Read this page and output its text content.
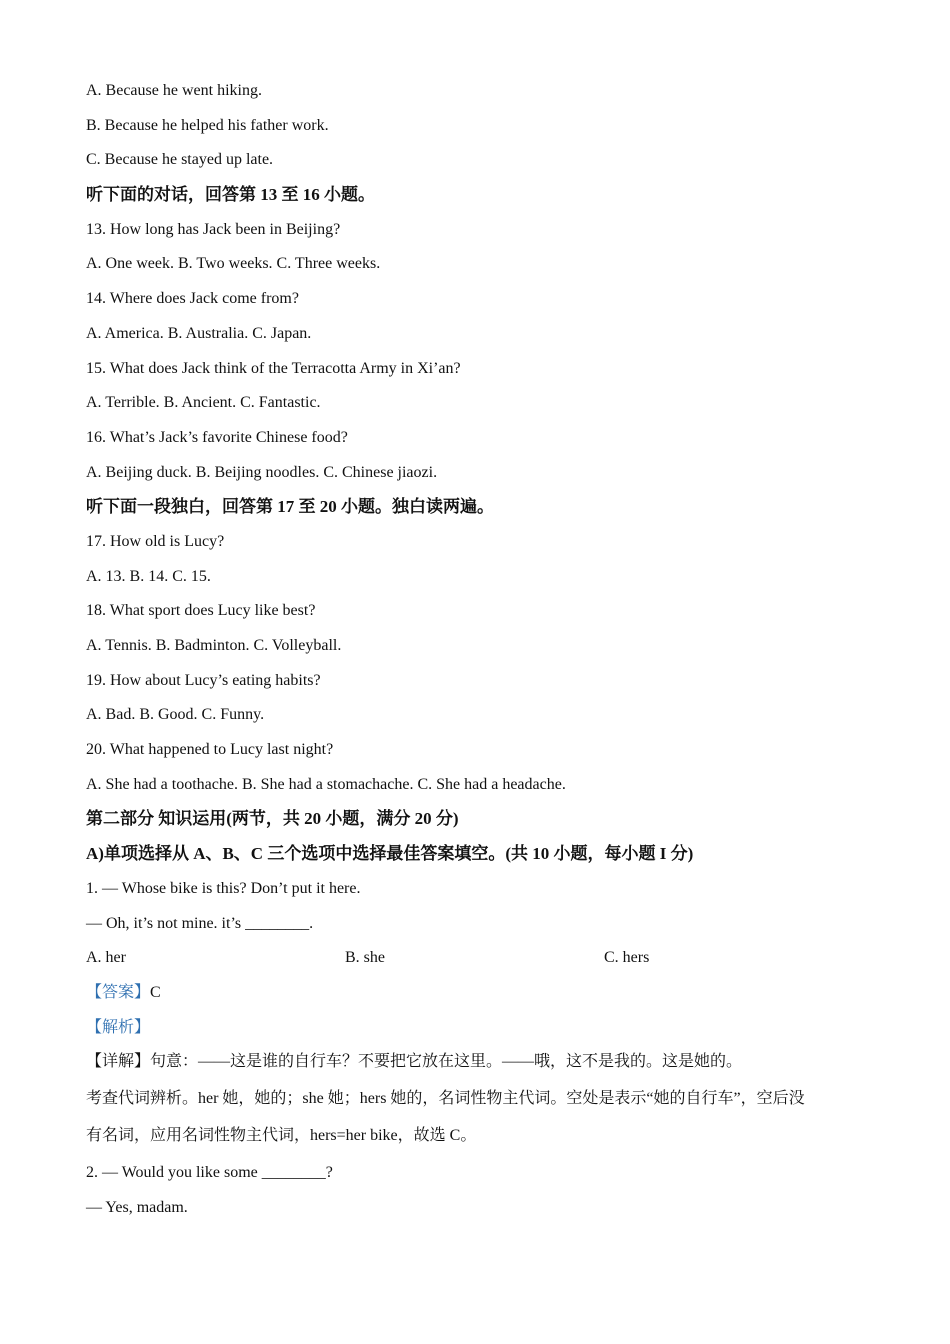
A. Because he went hiking.
B. Because he helped his father work.
C. Because he stayed up late.
听下面的对话，回答第 13 至 16 小题。
13. How long has Jack been in Beijing?
A. One week. B. Two weeks. C. Three weeks.
14. Where does Jack come from?
A. America. B. Australia. C. Japan.
15. What does Jack think of the Terracotta Army in Xi’an?
A. Terrible. B. Ancient. C. Fantastic.
16. What’s Jack’s favorite Chinese food?
A. Beijing duck. B. Beijing noodles. C. Chinese jiaozi.
听下面一段独白，回答第 17 至 20 小题。独白读两遍。
17. How old is Lucy?
A. 13. B. 14. C. 15.
18. What sport does Lucy like best?
A. Tennis. B. Badminton. C. Volleyball.
19. How about Lucy’s eating habits?
A. Bad. B. Good. C. Funny.
20. What happened to Lucy last night?
A. She had a toothache. B. She had a stomachache. C. She had a headache.
第二部分 知识运用(两节，共 20 小题，满分 20 分)
A)单项选择从 A、B、C 三个选项中选择最佳答案填空。(共 10 小题，每小题 I 分)
1. — Whose bike is this? Don’t put it here.
— Oh, it’s not mine. it’s ________.
A. her	B. she	C. hers
【答案】C
【解析】
【详解】句意：——这是谁的自行车？不要把它放在这里。——哦，这不是我的。这是她的。
考查代词辨析。her 她，她的；she 她；hers 她的，名词性物主代词。空处是表示“她的自行车”，空后没
有名词，应用名词性物主代词，hers=her bike，故选 C。
2. — Would you like some ________?
— Yes, madam.
